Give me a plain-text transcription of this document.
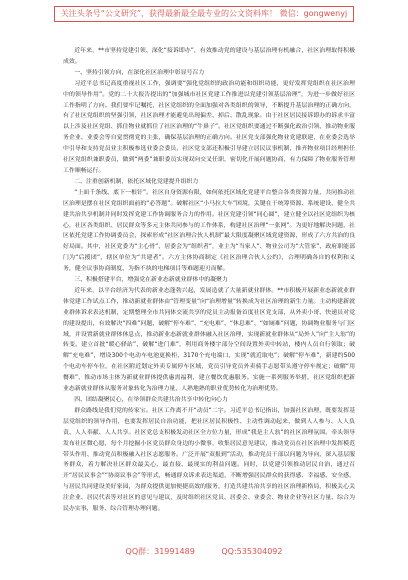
关注头条号“公文研究”，获得最新最全最专业的公文资料库！ 微信：gongwenyj

近年来，**市坚持党建引领、深化“接诉即办”，有效推动党的建设与基层治理有机融合，社区治理取得积极成效。

一、坚持引领方向，在深化社区治理中彰显号召力

习近平总书记高度重视社区工作，强调要“强化党组织的政治功能和组织功能，更好发挥党组织在社区治理中的领导作用”。党的二十大报告提出的“加强城市社区党建工作推进以党建引领基层治理”，为进一步做好社区工作指明了方向。我们要牢记嘱托，社区党组织的全面加强对各类组织的领导，不断提升基层治理的正确方向，有了社区党组织的坚强引领，社区治理才能避免出现偏差、掉后、散乱现象。由于社区居民接诉即办的诉求丰富以上涉及社区党组、抓住物业就抓住了社区治理的“牛鼻子”。社区党组织要通过不断强化政治引领，推动物业服务企业、业委会等自觉贯彻党的主张，确保基层治理的正确方向。社区党支部强化物业党建联建，在业委会选举中引导和支持党员业主积极参选业委会委员，社区党支部还积极引导建立居民议事机制，推齐物业项目经理担任社区党组织兼职委员，做到“两委”兼职委员实现双向交叉任职，密切化开展问题协商，有力保障了物业服务管理工作顺畅运行。

二、注重创新机制，依托区域化党建提升组织力

“上面千条线、底下一根针”。社区自身资源有限，如何依托区域化党建平台整合各类资源力量、共同推动社区治理是摆在社区党组织面前的“必答题”。破解社区“小马拉大车”困境，关键在于统筹资源、系统建设，健全共建共治共享机制并同时发挥党建工作协调服务合力的作用。社区党建引领“同心圆”，建立健全以社区党组织为核心，社区各类组织、居民群众等多元主体共同参与的工作体系，构建社区治理“一张网”。为更好地解决问题，社区依托党建工作协调委员会，探索形成“社区治理合伙人机制”最大限度凝聚区域党建资源，形成了六方共治的良好局面。其中，社区党委为“主心骨”，居委会为“组织者”，业主为“当家人”、物业公司为“大管家”、政府职能部门为“后援团”，辖区单位为“共建者”。六方主体协商制定《社区治理合伙人公约》，合理明确各自的权利和义务，健全议事协商制度，为指不执的电梯项目等难题迎刃而解。

三、积极搭建平台，增强党在新业态新就业群体中的凝聚力

近年来，以平台经济为代表的新业态蓬勃兴起，发展造就了大量新就业群体。**市积极开展新业态新就业群体党建工作试点工作，推动新就业群体由“管理变量”向“治理增量”转换成为社区治理的新生力量。主动构建新就业群体诉求表达机制，定期整理全市共同体交流共享的党员主动报备首度社区党支部，从外卖小哥、快递员对党的建设提出，有效解决“四难”问题，破解“停车难”、“充电难”、“休息难”、“如厕难”问题，协调物业服务与门区域，并设置新就业群体休息点，推动新业态新就业群体融入社区治理，实现新就业群体从“局外人”向“主人翁”的转变。建立首批“暖心驿站”，破解“进门难”，利用商务楼宇部分空间设置外卖中转站，楼内人员自行领取；破解“充电难”，增设300个电动车电池更换柜，3170个充电端口，实现“就近取电”；破解“停车难”，新建约500个电动车停车位，在社区附近划定外卖专属停车区域，党员引导党员外卖骑手志愿带头遵守停车规定；破解“用餐难”，推动市场主体为新就业群体提供惠需福利，建立餐饮优惠服务。实施一系列服务举措，社区党组织把新业态新就业群体从服务对象转化为治理力量，人熟地熟的职业优势转化为治理优势。

四、团结凝聚民心，在举领群众共建共治共享中转化向心力

群众路线是我们党的传家宝。社区工作离不开“动员“二字。习近平总书记指出，加强社区治理，既要发挥基层党组织的领导作用，也要发挥居民自治功能，把社区居民积极性、主动性调动起来，做到人人参与、人人负责、人人奉献、人人共享。社区党总支积极发动社区全方位力量，形成“我是主人翁”的社区治理氛围。牵头领导发布社区微心愿，每个月挖掘小区党员群众身边的小微事，收集居民意见建议，推动党员在社区治理中发挥模范带头作用、推动党员积极融入社区志愿服务。广泛开展“双报到”活动，推动党员干部以问题为导向，深入基层服务群众，着力解决社区群众最关心、最直接、最现实的利益问题。同时，以党建引领推动居民自治，通过召开“居民议事会”“协商议事会”等形式，畅通群众诉求表达渠道，不断增强居民群众的获得感、幸福感、安全感，与居民共同建设美好家园，为群众提供更加便捷高效的服务，打造共建共治共享的社区治理新格局，积极关心关注企业、居民代表等对社区的意见与建议，及时组织社区党员、居委会、业委会、物业企业等社区力量、综合为民办实事，服务、综合管理办理问题。

QQ群：31991489	QQ:535304092
